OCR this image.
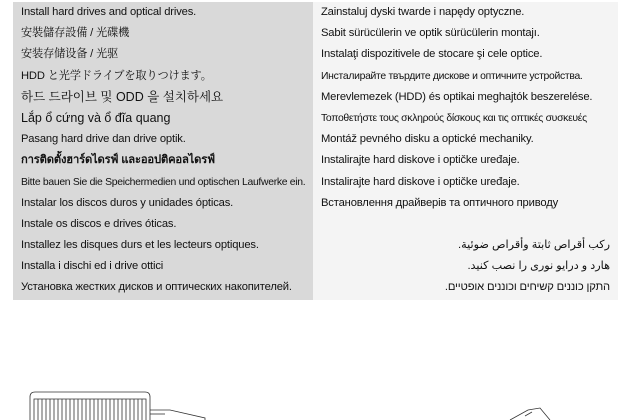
Install hard drives and optical drives.
安裝儲存設備 / 光碟機
安装存储设备 / 光驱
HDD と光学ドライブを取りつけます。
하드 드라이브 및 ODD 을 설치하세요
Lắp ổ cứng và ổ đĩa quang
Pasang hard drive dan drive optik.
การติดตั้งฮาร์ดไดรฟ์ และออปติคอลไดรฟ์
Bitte bauen Sie die Speichermedien und optischen Laufwerke ein.
Instalar los discos duros y unidades ópticas.
Instale os discos e drives óticas.
Installez les disques durs et les lecteurs optiques.
Installa i dischi ed i drive ottici
Установка жестких дисков и оптических накопителей.
Zainstaluj dyski twarde i napędy optyczne.
Sabit sürücülerin ve optik sürücülerin montajı.
Instalaţi dispozitivele de stocare şi cele optice.
Инсталирайте твърдите дискове и оптичните устройства.
Merevlemezek (HDD) és optikai meghajtók beszerelése.
Τοποθετήστε τους σκληρούς δίσκους και τις οπτικές συσκευές
Montáž pevného disku a optické mechaniky.
Instalirajte hard diskove i optičke uređaje.
Instalirajte hard diskove i optičke uređaje.
Встановлення драйверів та оптичного приводу
ركب أقراص ثابتة وأقراص ضوئية.
هارد و درايو نوری را نصب کنيد.
התקן כוננים קשיחים וכוננים אופטיים.
